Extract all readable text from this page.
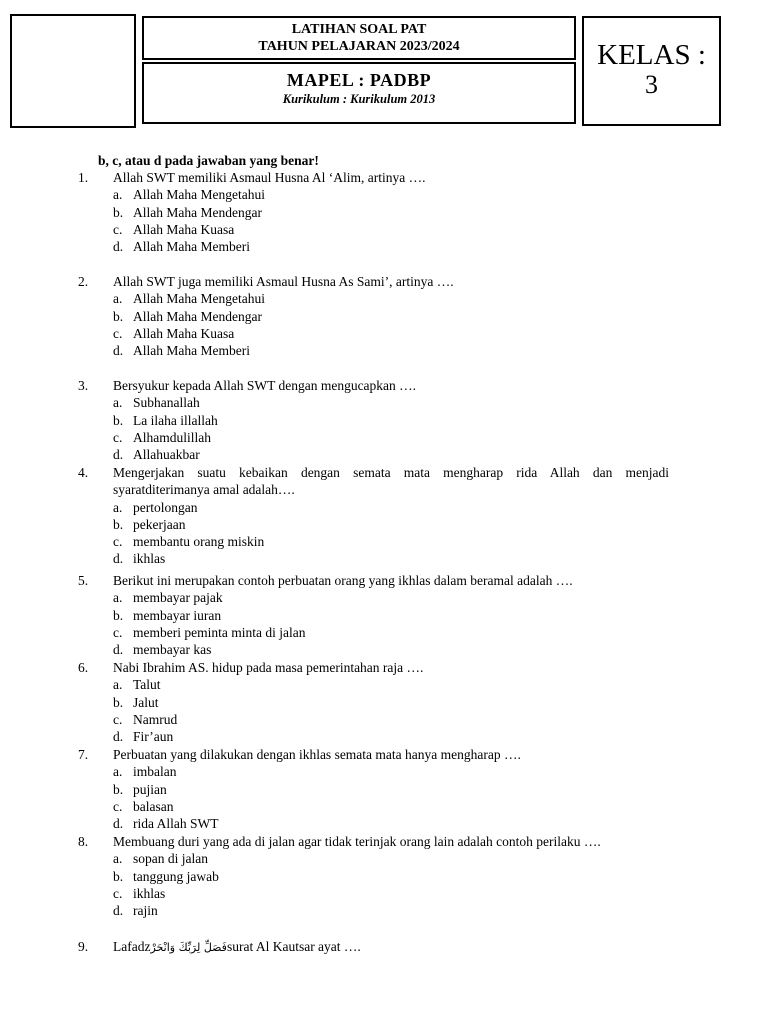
LATIHAN SOAL PAT
TAHUN PELAJARAN 2023/2024
MAPEL : PADBP
Kurikulum : Kurikulum 2013
KELAS :
3
b, c, atau d pada jawaban yang benar!
1. Allah SWT memiliki Asmaul Husna Al ‘Alim, artinya ….
a. Allah Maha Mengetahui
b. Allah Maha Mendengar
c. Allah Maha Kuasa
d. Allah Maha Memberi
2. Allah SWT juga memiliki Asmaul Husna As Sami’, artinya ….
a. Allah Maha Mengetahui
b. Allah Maha Mendengar
c. Allah Maha Kuasa
d. Allah Maha Memberi
3. Bersyukur kepada Allah SWT dengan mengucapkan ….
a. Subhanallah
b. La ilaha illallah
c. Alhamdulillah
d. Allahuakbar
4. Mengerjakan suatu kebaikan dengan semata mata mengharap rida Allah dan menjadi syaratditerimanya amal adalah….
a. pertolongan
b. pekerjaan
c. membantu orang miskin
d. ikhlas
5. Berikut ini merupakan contoh perbuatan orang yang ikhlas dalam beramal adalah ….
a. membayar pajak
b. membayar iuran
c. memberi peminta minta di jalan
d. membayar kas
6. Nabi Ibrahim AS. hidup pada masa pemerintahan raja ….
a. Talut
b. Jalut
c. Namrud
d. Fir’aun
7. Perbuatan yang dilakukan dengan ikhlas semata mata hanya mengharap ….
a. imbalan
b. pujian
c. balasan
d. rida Allah SWT
8. Membuang duri yang ada di jalan agar tidak terinjak orang lain adalah contoh perilaku ….
a. sopan di jalan
b. tanggung jawab
c. ikhlas
d. rajin
9. Lafadzفَصَلِّ لِرَبِّكَ وَانْحَرْsurat Al Kautsar ayat ….
